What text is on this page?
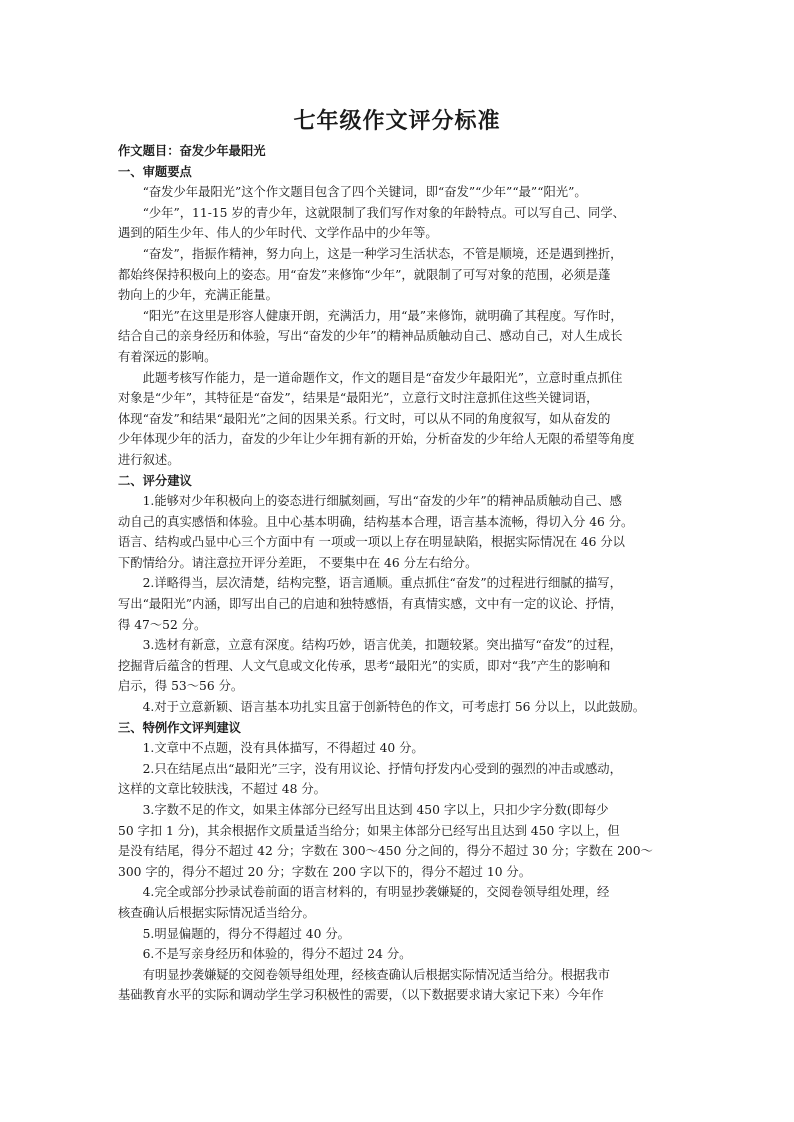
七年级作文评分标准

作文题目：奋发少年最阳光

一、审题要点

“奋发少年最阳光”这个作文题目包含了四个关键词，即“奋发”“少年”“最”“阳光”。

“少年”，11-15 岁的青少年，这就限制了我们写作对象的年龄特点。可以写自己、同学、
遇到的陌生少年、伟人的少年时代、文学作品中的少年等。

“奋发”，指振作精神，努力向上，这是一种学习生活状态，不管是顺境，还是遇到挫折，
都始终保持积极向上的姿态。用“奋发”来修饰“少年”，就限制了可写对象的范围，必须是蓬
勃向上的少年，充满正能量。

“阳光”在这里是形容人健康开朗，充满活力，用“最”来修饰，就明确了其程度。写作时，
结合自己的亲身经历和体验，写出“奋发的少年”的精神品质触动自己、感动自己，对人生成长
有着深远的影响。

此题考核写作能力，是一道命题作文，作文的题目是“奋发少年最阳光”，立意时重点抓住
对象是“少年”，其特征是“奋发”，结果是“最阳光”，立意行文时注意抓住这些关键词语，
体现“奋发”和结果“最阳光”之间的因果关系。行文时，可以从不同的角度叙写，如从奋发的
少年体现少年的活力，奋发的少年让少年拥有新的开始，分析奋发的少年给人无限的希望等角度
进行叙述。

二、评分建议

1.能够对少年积极向上的姿态进行细腻刻画，写出“奋发的少年”的精神品质触动自己、感
动自己的真实感悟和体验。且中心基本明确，结构基本合理，语言基本流畅，得切入分 46 分。
语言、结构或凸显中心三个方面中有 一项或一项以上存在明显缺陷，根据实际情况在 46 分以
下酌情给分。请注意拉开评分差距， 不要集中在 46 分左右给分。

2.详略得当，层次清楚，结构完整，语言通顺。重点抓住“奋发”的过程进行细腻的描写，
写出“最阳光”内涵，即写出自己的启迪和独特感悟，有真情实感，文中有一定的议论、抒情，
得 47～52 分。

3.选材有新意，立意有深度。结构巧妙，语言优美，扣题较紧。突出描写“奋发”的过程，
挖掘背后蕴含的哲理、人文气息或文化传承，思考“最阳光”的实质，即对“我”产生的影响和
启示，得 53～56 分。

4.对于立意新颖、语言基本功扎实且富于创新特色的作文，可考虑打 56 分以上，以此鼓励。

三、特例作文评判建议

1.文章中不点题，没有具体描写，不得超过 40 分。

2.只在结尾点出“最阳光”三字，没有用议论、抒情句抒发内心受到的强烈的冲击或感动，
这样的文章比较肤浅，不超过 48 分。

3.字数不足的作文，如果主体部分已经写出且达到 450 字以上，只扣少字分数(即每少
50 字扣 1 分)，其余根据作文质量适当给分；如果主体部分已经写出且达到 450 字以上，但
是没有结尾，得分不超过 42 分；字数在 300～450 分之间的，得分不超过 30 分；字数在 200～
300 字的，得分不超过 20 分；字数在 200 字以下的，得分不超过 10 分。

4.完全或部分抄录试卷前面的语言材料的，有明显抄袭嫌疑的，交阅卷领导组处理，经
核查确认后根据实际情况适当给分。

5.明显偏题的，得分不得超过 40 分。

6.不是写亲身经历和体验的，得分不超过 24 分。

有明显抄袭嫌疑的交阅卷领导组处理，经核查确认后根据实际情况适当给分。根据我市
基础教育水平的实际和调动学生学习积极性的需要，（以下数据要求请大家记下来）今年作
